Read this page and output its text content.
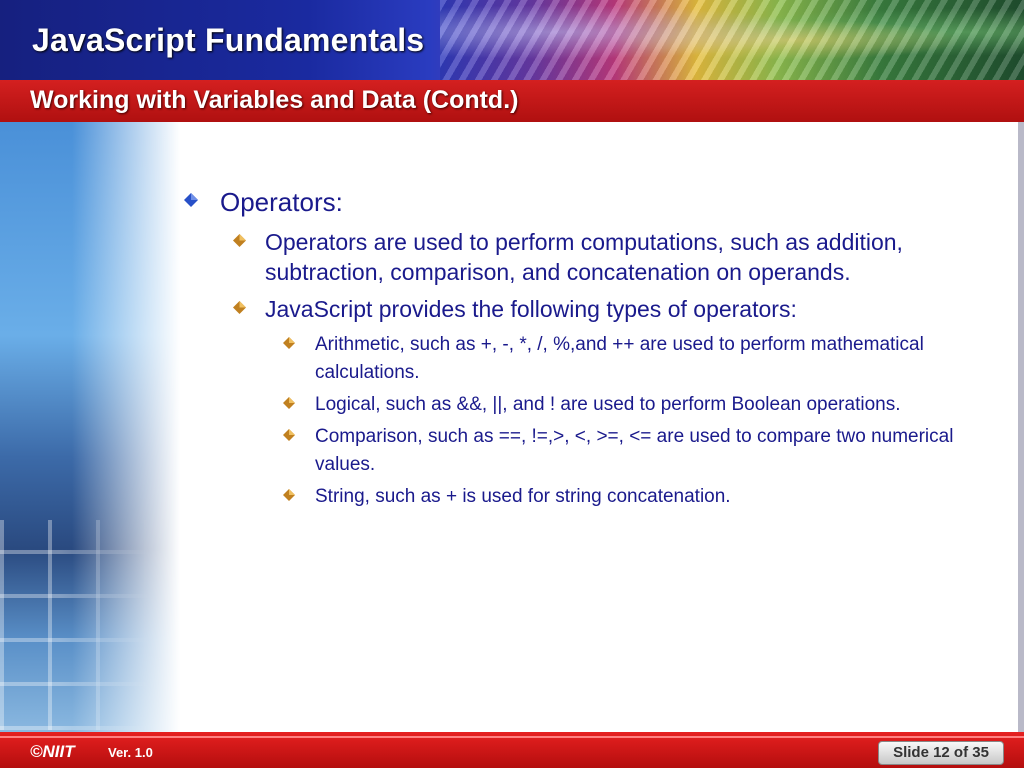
JavaScript Fundamentals
Working with Variables and Data (Contd.)
Operators:
Operators are used to perform computations, such as addition, subtraction, comparison, and concatenation on operands.
JavaScript provides the following types of operators:
Arithmetic, such as +, -, *, /, %,and ++ are used to perform mathematical calculations.
Logical, such as &&, ||, and ! are used to perform Boolean operations.
Comparison, such as ==, !=,>, <, >=, <= are used to compare two numerical values.
String, such as + is used for string concatenation.
©NIIT	Ver. 1.0	Slide 12 of 35
